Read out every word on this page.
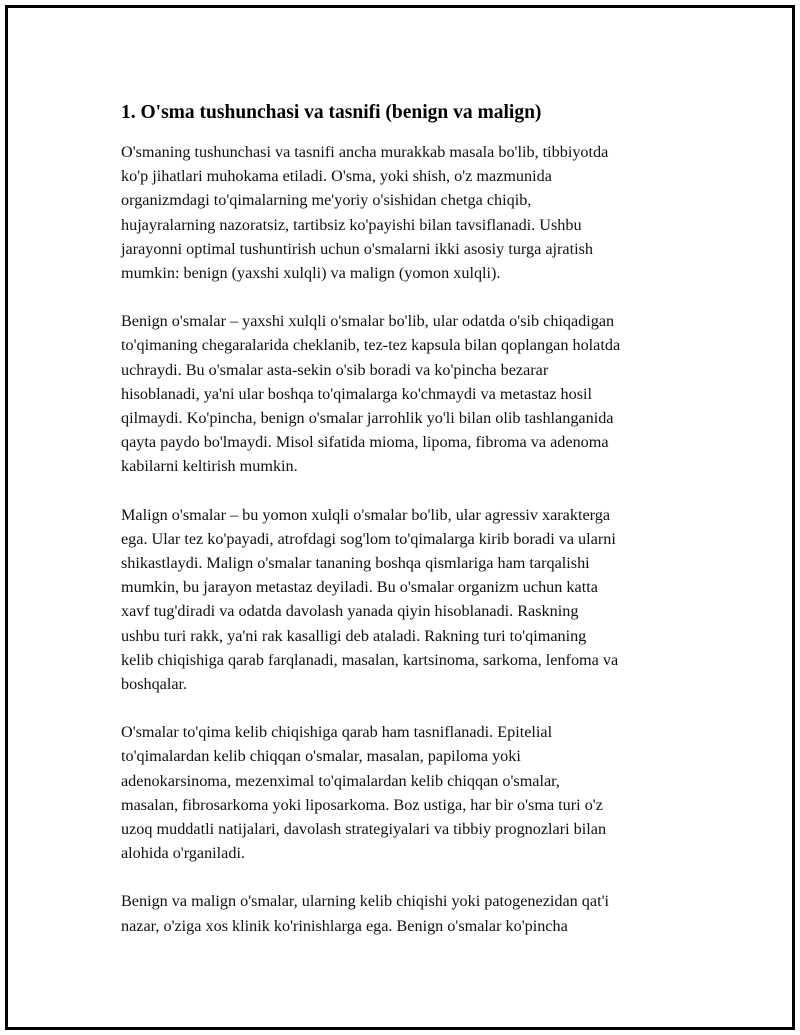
1. O'sma tushunchasi va tasnifi (benign va malign)

O'smaning tushunchasi va tasnifi ancha murakkab masala bo'lib, tibbiyotda
ko'p jihatlari muhokama etiladi. O'sma, yoki shish, o'z mazmunida
organizmdagi to'qimalarning me'yoriy o'sishidan chetga chiqib,
hujayralarning nazoratsiz, tartibsiz ko'payishi bilan tavsiflanadi. Ushbu
jarayonni optimal tushuntirish uchun o'smalarni ikki asosiy turga ajratish
mumkin: benign (yaxshi xulqli) va malign (yomon xulqli).

Benign o'smalar – yaxshi xulqli o'smalar bo'lib, ular odatda o'sib chiqadigan
to'qimaning chegaralarida cheklanib, tez-tez kapsula bilan qoplangan holatda
uchraydi. Bu o'smalar asta-sekin o'sib boradi va ko'pincha bezarar
hisoblanadi, ya'ni ular boshqa to'qimalarga ko'chmaydi va metastaz hosil
qilmaydi. Ko'pincha, benign o'smalar jarrohlik yo'li bilan olib tashlanganida
qayta paydo bo'lmaydi. Misol sifatida mioma, lipoma, fibroma va adenoma
kabilarni keltirish mumkin.

Malign o'smalar – bu yomon xulqli o'smalar bo'lib, ular agressiv xarakterga
ega. Ular tez ko'payadi, atrofdagi sog'lom to'qimalarga kirib boradi va ularni
shikastlaydi. Malign o'smalar tananing boshqa qismlariga ham tarqalishi
mumkin, bu jarayon metastaz deyiladi. Bu o'smalar organizm uchun katta
xavf tug'diradi va odatda davolash yanada qiyin hisoblanadi. Raskning
ushbu turi rakk, ya'ni rak kasalligi deb ataladi. Rakning turi to'qimaning
kelib chiqishiga qarab farqlanadi, masalan, kartsinoma, sarkoma, lenfoma va
boshqalar.

O'smalar to'qima kelib chiqishiga qarab ham tasniflanadi. Epitelial
to'qimalardan kelib chiqqan o'smalar, masalan, papiloma yoki
adenokarsinoma, mezenximal to'qimalardan kelib chiqqan o'smalar,
masalan, fibrosarkoma yoki liposarkoma. Boz ustiga, har bir o'sma turi o'z
uzoq muddatli natijalari, davolash strategiyalari va tibbiy prognozlari bilan
alohida o'rganiladi.

Benign va malign o'smalar, ularning kelib chiqishi yoki patogenezidan qat'i
nazar, o'ziga xos klinik ko'rinishlarga ega. Benign o'smalar ko'pincha
